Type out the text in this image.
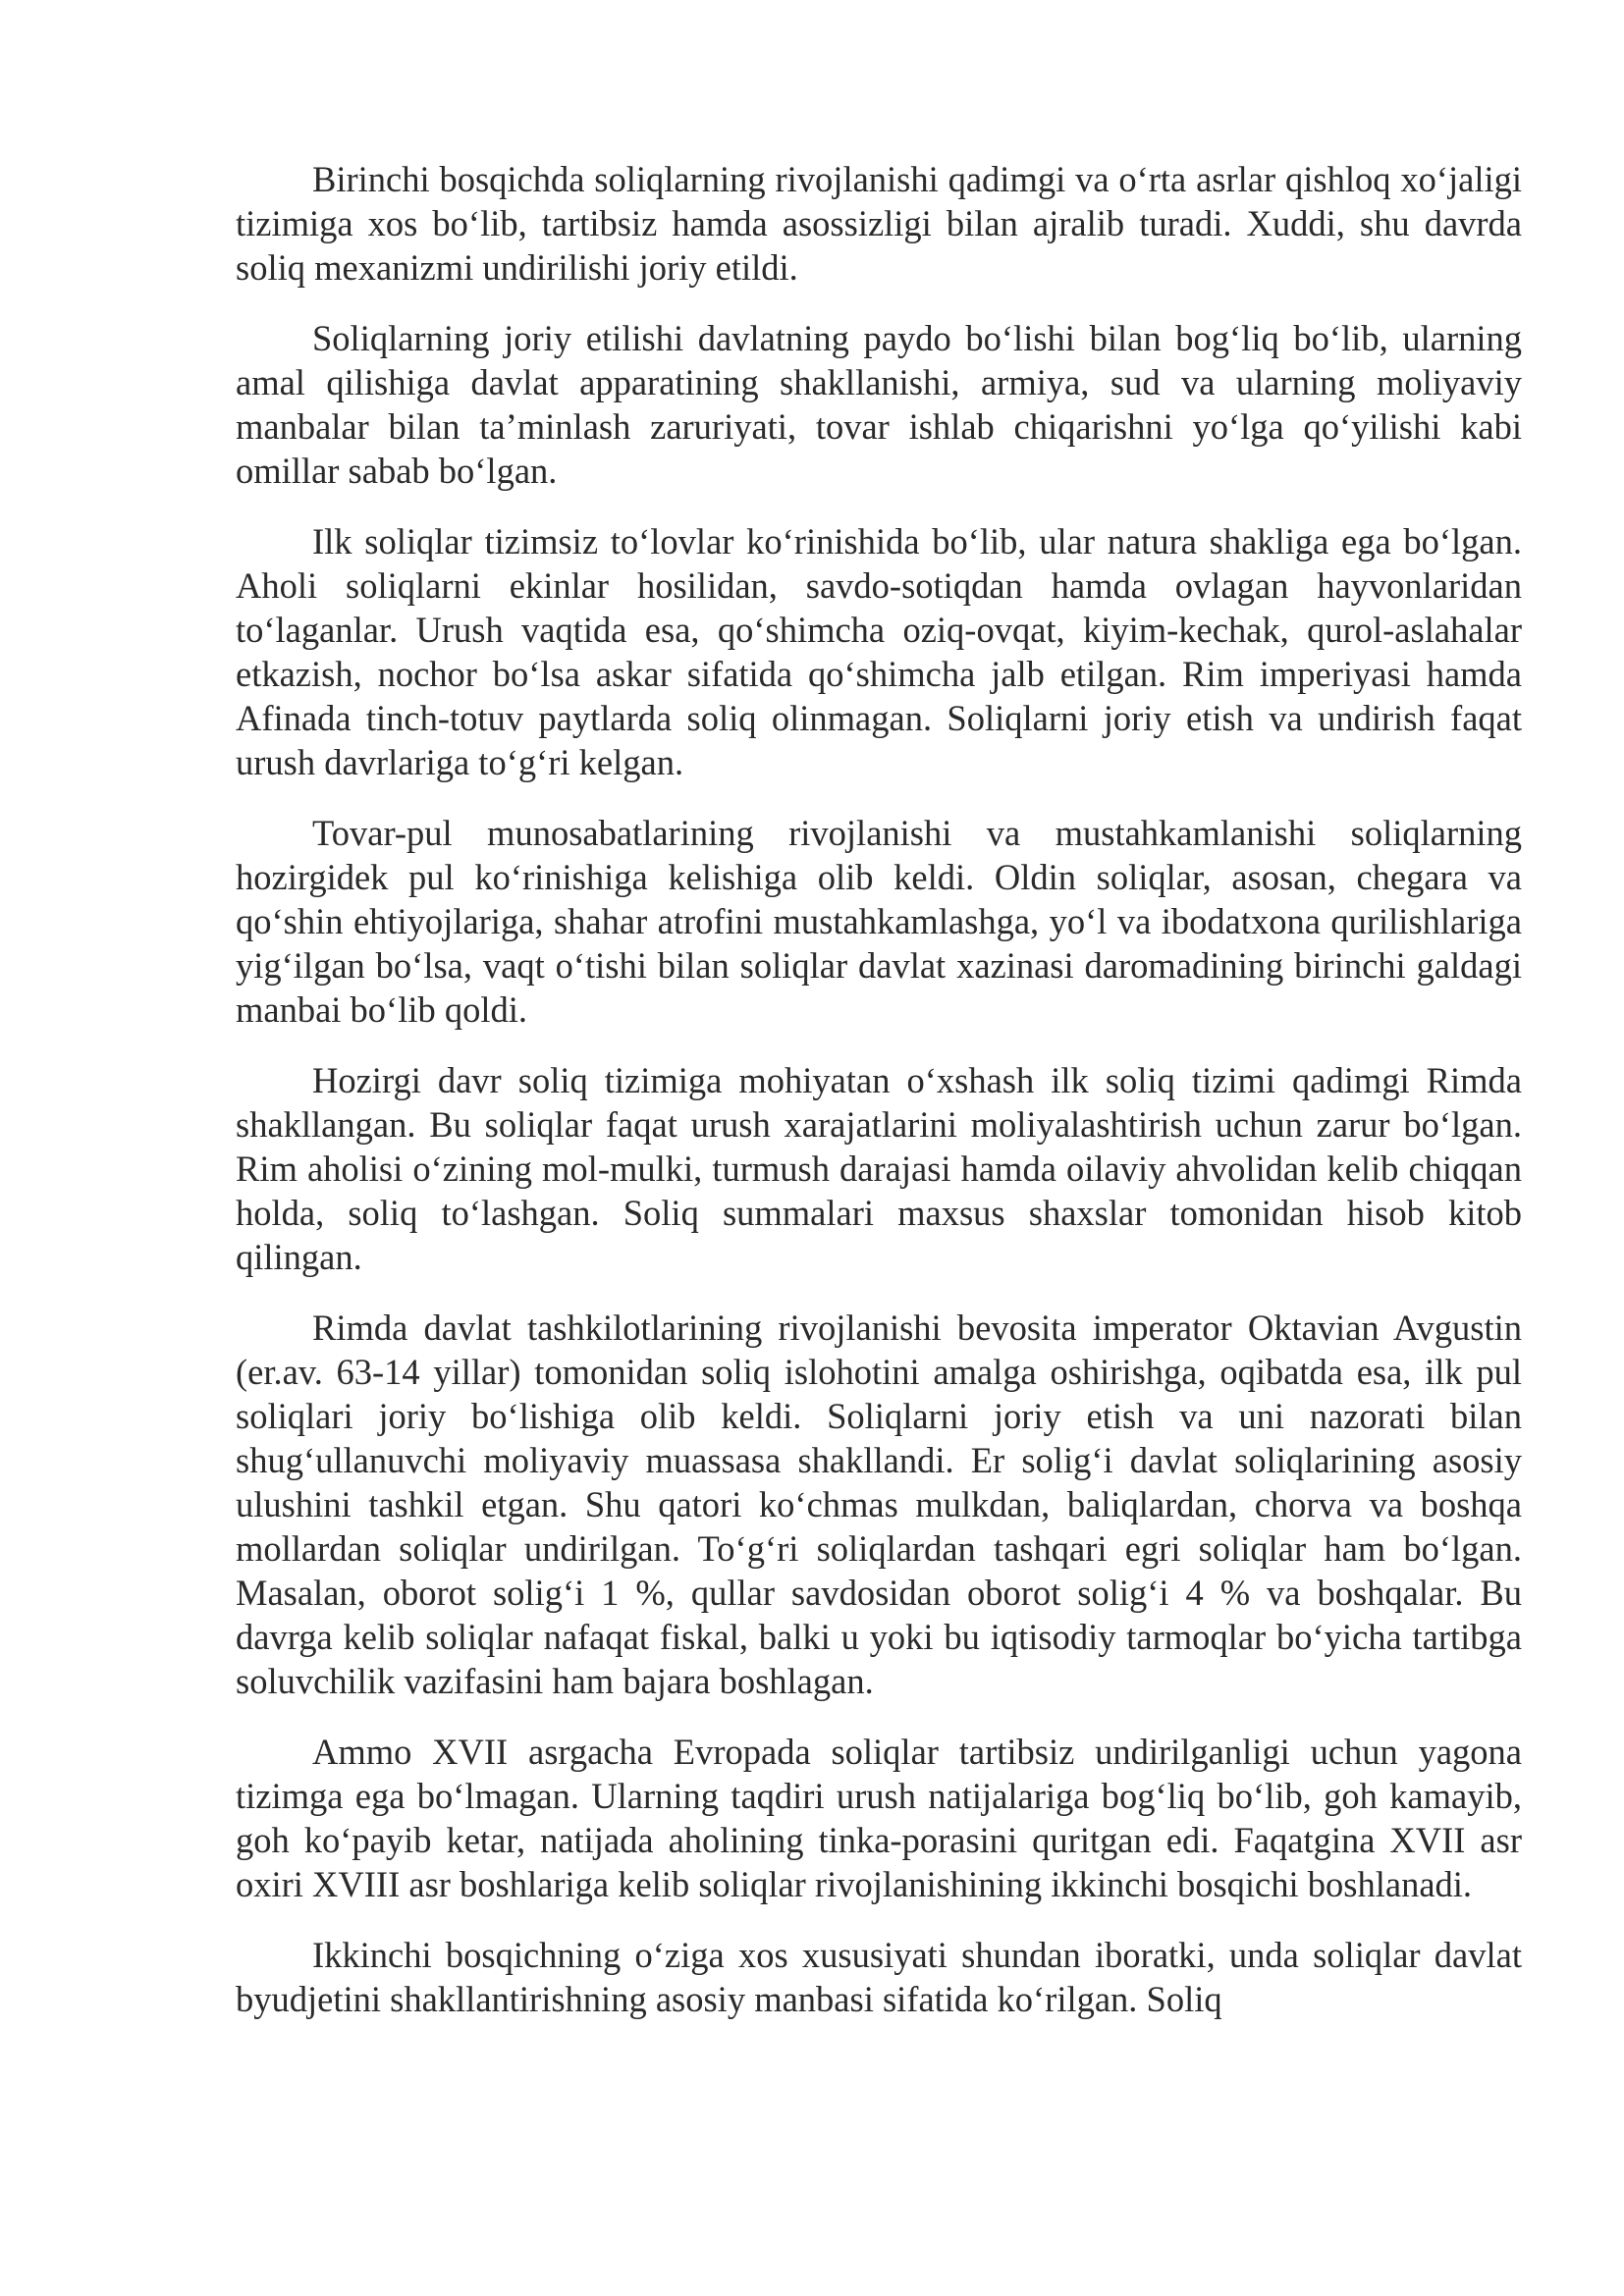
Birinchi bosqichda soliqlarning rivojlanishi qadimgi va o‘rta asrlar qishloq xo‘jaligi tizimiga xos bo‘lib, tartibsiz hamda asossizligi bilan ajralib turadi. Xuddi, shu davrda soliq mexanizmi undirilishi joriy etildi.

Soliqlarning joriy etilishi davlatning paydo bo‘lishi bilan bog‘liq bo‘lib, ularning amal qilishiga davlat apparatining shakllanishi, armiya, sud va ularning moliyaviy manbalar bilan ta’minlash zaruriyati, tovar ishlab chiqarishni yo‘lga qo‘yilishi kabi omillar sabab bo‘lgan.

Ilk soliqlar tizimsiz to‘lovlar ko‘rinishida bo‘lib, ular natura shakliga ega bo‘lgan. Aholi soliqlarni ekinlar hosilidan, savdo-sotiqdan hamda ovlagan hayvonlaridan to‘laganlar. Urush vaqtida esa, qo‘shimcha oziq-ovqat, kiyim-kechak, qurol-aslahalar etkazish, nochor bo‘lsa askar sifatida qo‘shimcha jalb etilgan. Rim imperiyasi hamda Afinada tinch-totuv paytlarda soliq olinmagan. Soliqlarni joriy etish va undirish faqat urush davrlariga to‘g‘ri kelgan.

Tovar-pul munosabatlarining rivojlanishi va mustahkamlanishi soliqlarning hozirgidek pul ko‘rinishiga kelishiga olib keldi. Oldin soliqlar, asosan, chegara va qo‘shin ehtiyojlariga, shahar atrofini mustahkamlashga, yo‘l va ibodatxona qurilishlariga yig‘ilgan bo‘lsa, vaqt o‘tishi bilan soliqlar davlat xazinasi daromadining birinchi galdagi manbai bo‘lib qoldi.

Hozirgi davr soliq tizimiga mohiyatan o‘xshash ilk soliq tizimi qadimgi Rimda shakllangan. Bu soliqlar faqat urush xarajatlarini moliyalashtirish uchun zarur bo‘lgan. Rim aholisi o‘zining mol-mulki, turmush darajasi hamda oilaviy ahvolidan kelib chiqqan holda, soliq to‘lashgan. Soliq summalari maxsus shaxslar tomonidan hisob kitob qilingan.

Rimda davlat tashkilotlarining rivojlanishi bevosita imperator Oktavian Avgustin (er.av. 63-14 yillar) tomonidan soliq islohotini amalga oshirishga, oqibatda esa, ilk pul soliqlari joriy bo‘lishiga olib keldi. Soliqlarni joriy etish va uni nazorati bilan shug‘ullanuvchi moliyaviy muassasa shakllandi. Er solig‘i davlat soliqlarining asosiy ulushini tashkil etgan. Shu qatori ko‘chmas mulkdan, baliqlardan, chorva va boshqa mollardan soliqlar undirilgan. To‘g‘ri soliqlardan tashqari egri soliqlar ham bo‘lgan. Masalan, oborot solig‘i 1 %, qullar savdosidan oborot solig‘i 4 % va boshqalar. Bu davrga kelib soliqlar nafaqat fiskal, balki u yoki bu iqtisodiy tarmoqlar bo‘yicha tartibga soluvchilik vazifasini ham bajara boshlagan.

Ammo XVII asrgacha Evropada soliqlar tartibsiz undirilganligi uchun yagona tizimga ega bo‘lmagan. Ularning taqdiri urush natijalariga bog‘liq bo‘lib, goh kamayib, goh ko‘payib ketar, natijada aholining tinka-porasini quritgan edi. Faqatgina XVII asr oxiri XVIII asr boshlariga kelib soliqlar rivojlanishining ikkinchi bosqichi boshlanadi.

Ikkinchi bosqichning o‘ziga xos xususiyati shundan iboratki, unda soliqlar davlat byudjetini shakllantirishning asosiy manbasi sifatida ko‘rilgan. Soliq
